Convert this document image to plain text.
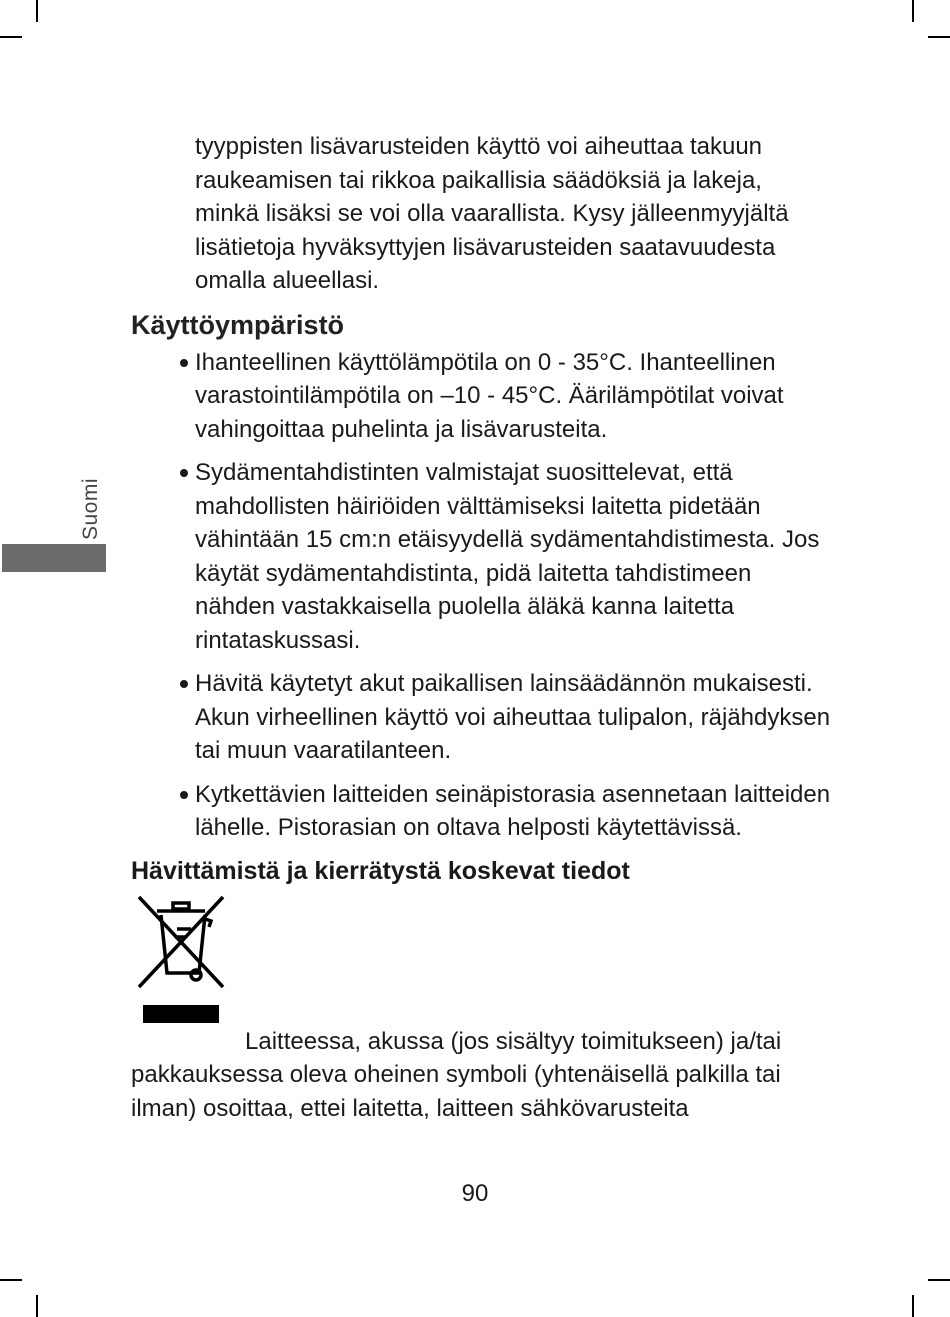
Suomi

tyyppisten lisävarusteiden käyttö voi aiheuttaa takuun raukeamisen tai rikkoa paikallisia säädöksiä ja lakeja, minkä lisäksi se voi olla vaarallista. Kysy jälleenmyyjältä lisätietoja hyväksyttyjen lisävarusteiden saatavuudesta omalla alueellasi.

Käyttöympäristö

Ihanteellinen käyttölämpötila on 0 - 35°C. Ihanteellinen varastointilämpötila on –10 - 45°C. Äärilämpötilat voivat vahingoittaa puhelinta ja lisävarusteita.

Sydämentahdistinten valmistajat suosittelevat, että mahdollisten häiriöiden välttämiseksi laitetta pidetään vähintään 15 cm:n etäisyydellä sydämentahdistimesta. Jos käytät sydämentahdistinta, pidä laitetta tahdistimeen nähden vastakkaisella puolella äläkä kanna laitetta rintataskussasi.

Hävitä käytetyt akut paikallisen lainsäädännön mukaisesti. Akun virheellinen käyttö voi aiheuttaa tulipalon, räjähdyksen tai muun vaaratilanteen.

Kytkettävien laitteiden seinäpistorasia asennetaan laitteiden lähelle. Pistorasian on oltava helposti käytettävissä.

Hävittämistä ja kierrätystä koskevat tiedot

Laitteessa, akussa (jos sisältyy toimitukseen) ja/tai pakkauksessa oleva oheinen symboli (yhtenäisellä palkilla tai ilman) osoittaa, ettei laitetta, laitteen sähkövarusteita

90
